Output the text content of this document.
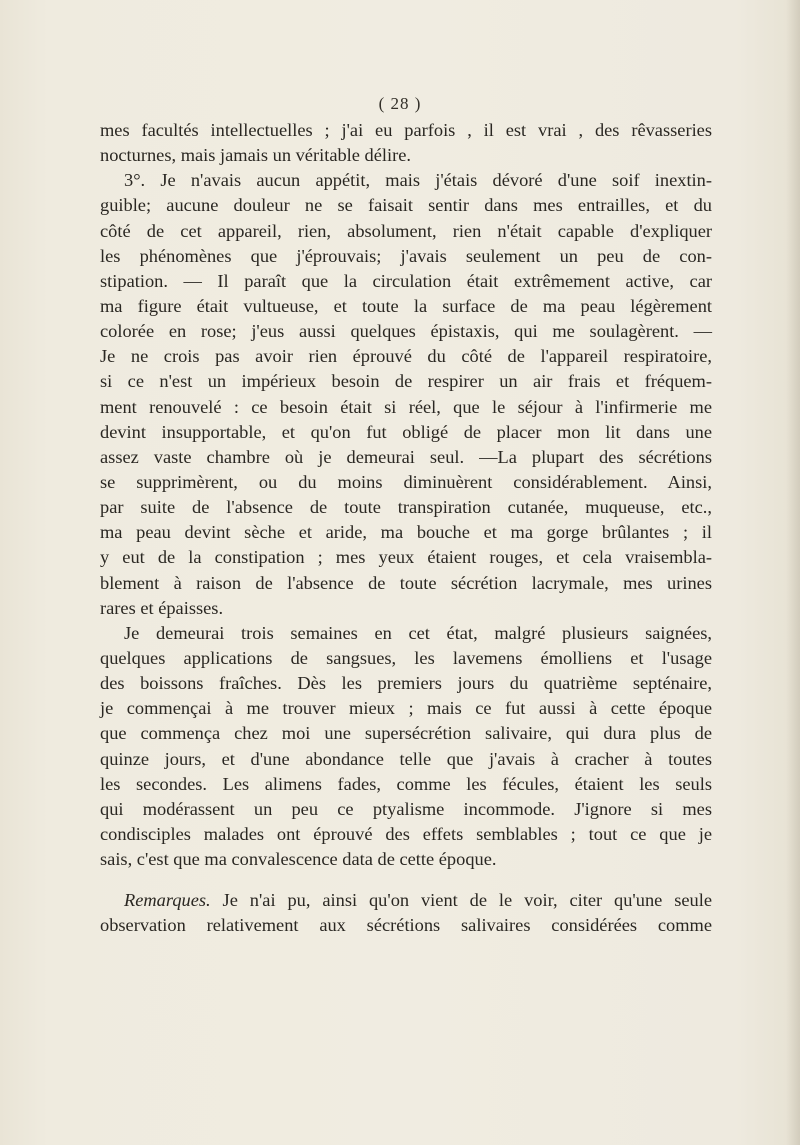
( 28 )
mes facultés intellectuelles ; j'ai eu parfois , il est vrai , des rêvasseries
nocturnes, mais jamais un véritable délire.
3°. Je n'avais aucun appétit, mais j'étais dévoré d'une soif inextin-
guible; aucune douleur ne se faisait sentir dans mes entrailles, et du
côté de cet appareil, rien, absolument, rien n'était capable d'expliquer
les phénomènes que j'éprouvais; j'avais seulement un peu de con-
stipation. — Il paraît que la circulation était extrêmement active, car
ma figure était vultueuse, et toute la surface de ma peau légèrement
colorée en rose; j'eus aussi quelques épistaxis, qui me soulagèrent. —
Je ne crois pas avoir rien éprouvé du côté de l'appareil respiratoire,
si ce n'est un impérieux besoin de respirer un air frais et fréquem-
ment renouvelé : ce besoin était si réel, que le séjour à l'infirmerie me
devint insupportable, et qu'on fut obligé de placer mon lit dans une
assez vaste chambre où je demeurai seul. —La plupart des sécrétions
se supprimèrent, ou du moins diminuèrent considérablement. Ainsi,
par suite de l'absence de toute transpiration cutanée, muqueuse, etc.,
ma peau devint sèche et aride, ma bouche et ma gorge brûlantes ; il
y eut de la constipation ; mes yeux étaient rouges, et cela vraisembla-
blement à raison de l'absence de toute sécrétion lacrymale, mes urines
rares et épaisses.
Je demeurai trois semaines en cet état, malgré plusieurs saignées,
quelques applications de sangsues, les lavemens émolliens et l'usage
des boissons fraîches. Dès les premiers jours du quatrième septénaire,
je commençai à me trouver mieux ; mais ce fut aussi à cette époque
que commença chez moi une supersécrétion salivaire, qui dura plus de
quinze jours, et d'une abondance telle que j'avais à cracher à toutes
les secondes. Les alimens fades, comme les fécules, étaient les seuls
qui modérassent un peu ce ptyalisme incommode. J'ignore si mes
condisciples malades ont éprouvé des effets semblables ; tout ce que je
sais, c'est que ma convalescence data de cette époque.
Remarques. Je n'ai pu, ainsi qu'on vient de le voir, citer qu'une seule
observation relativement aux sécrétions salivaires considérées comme
